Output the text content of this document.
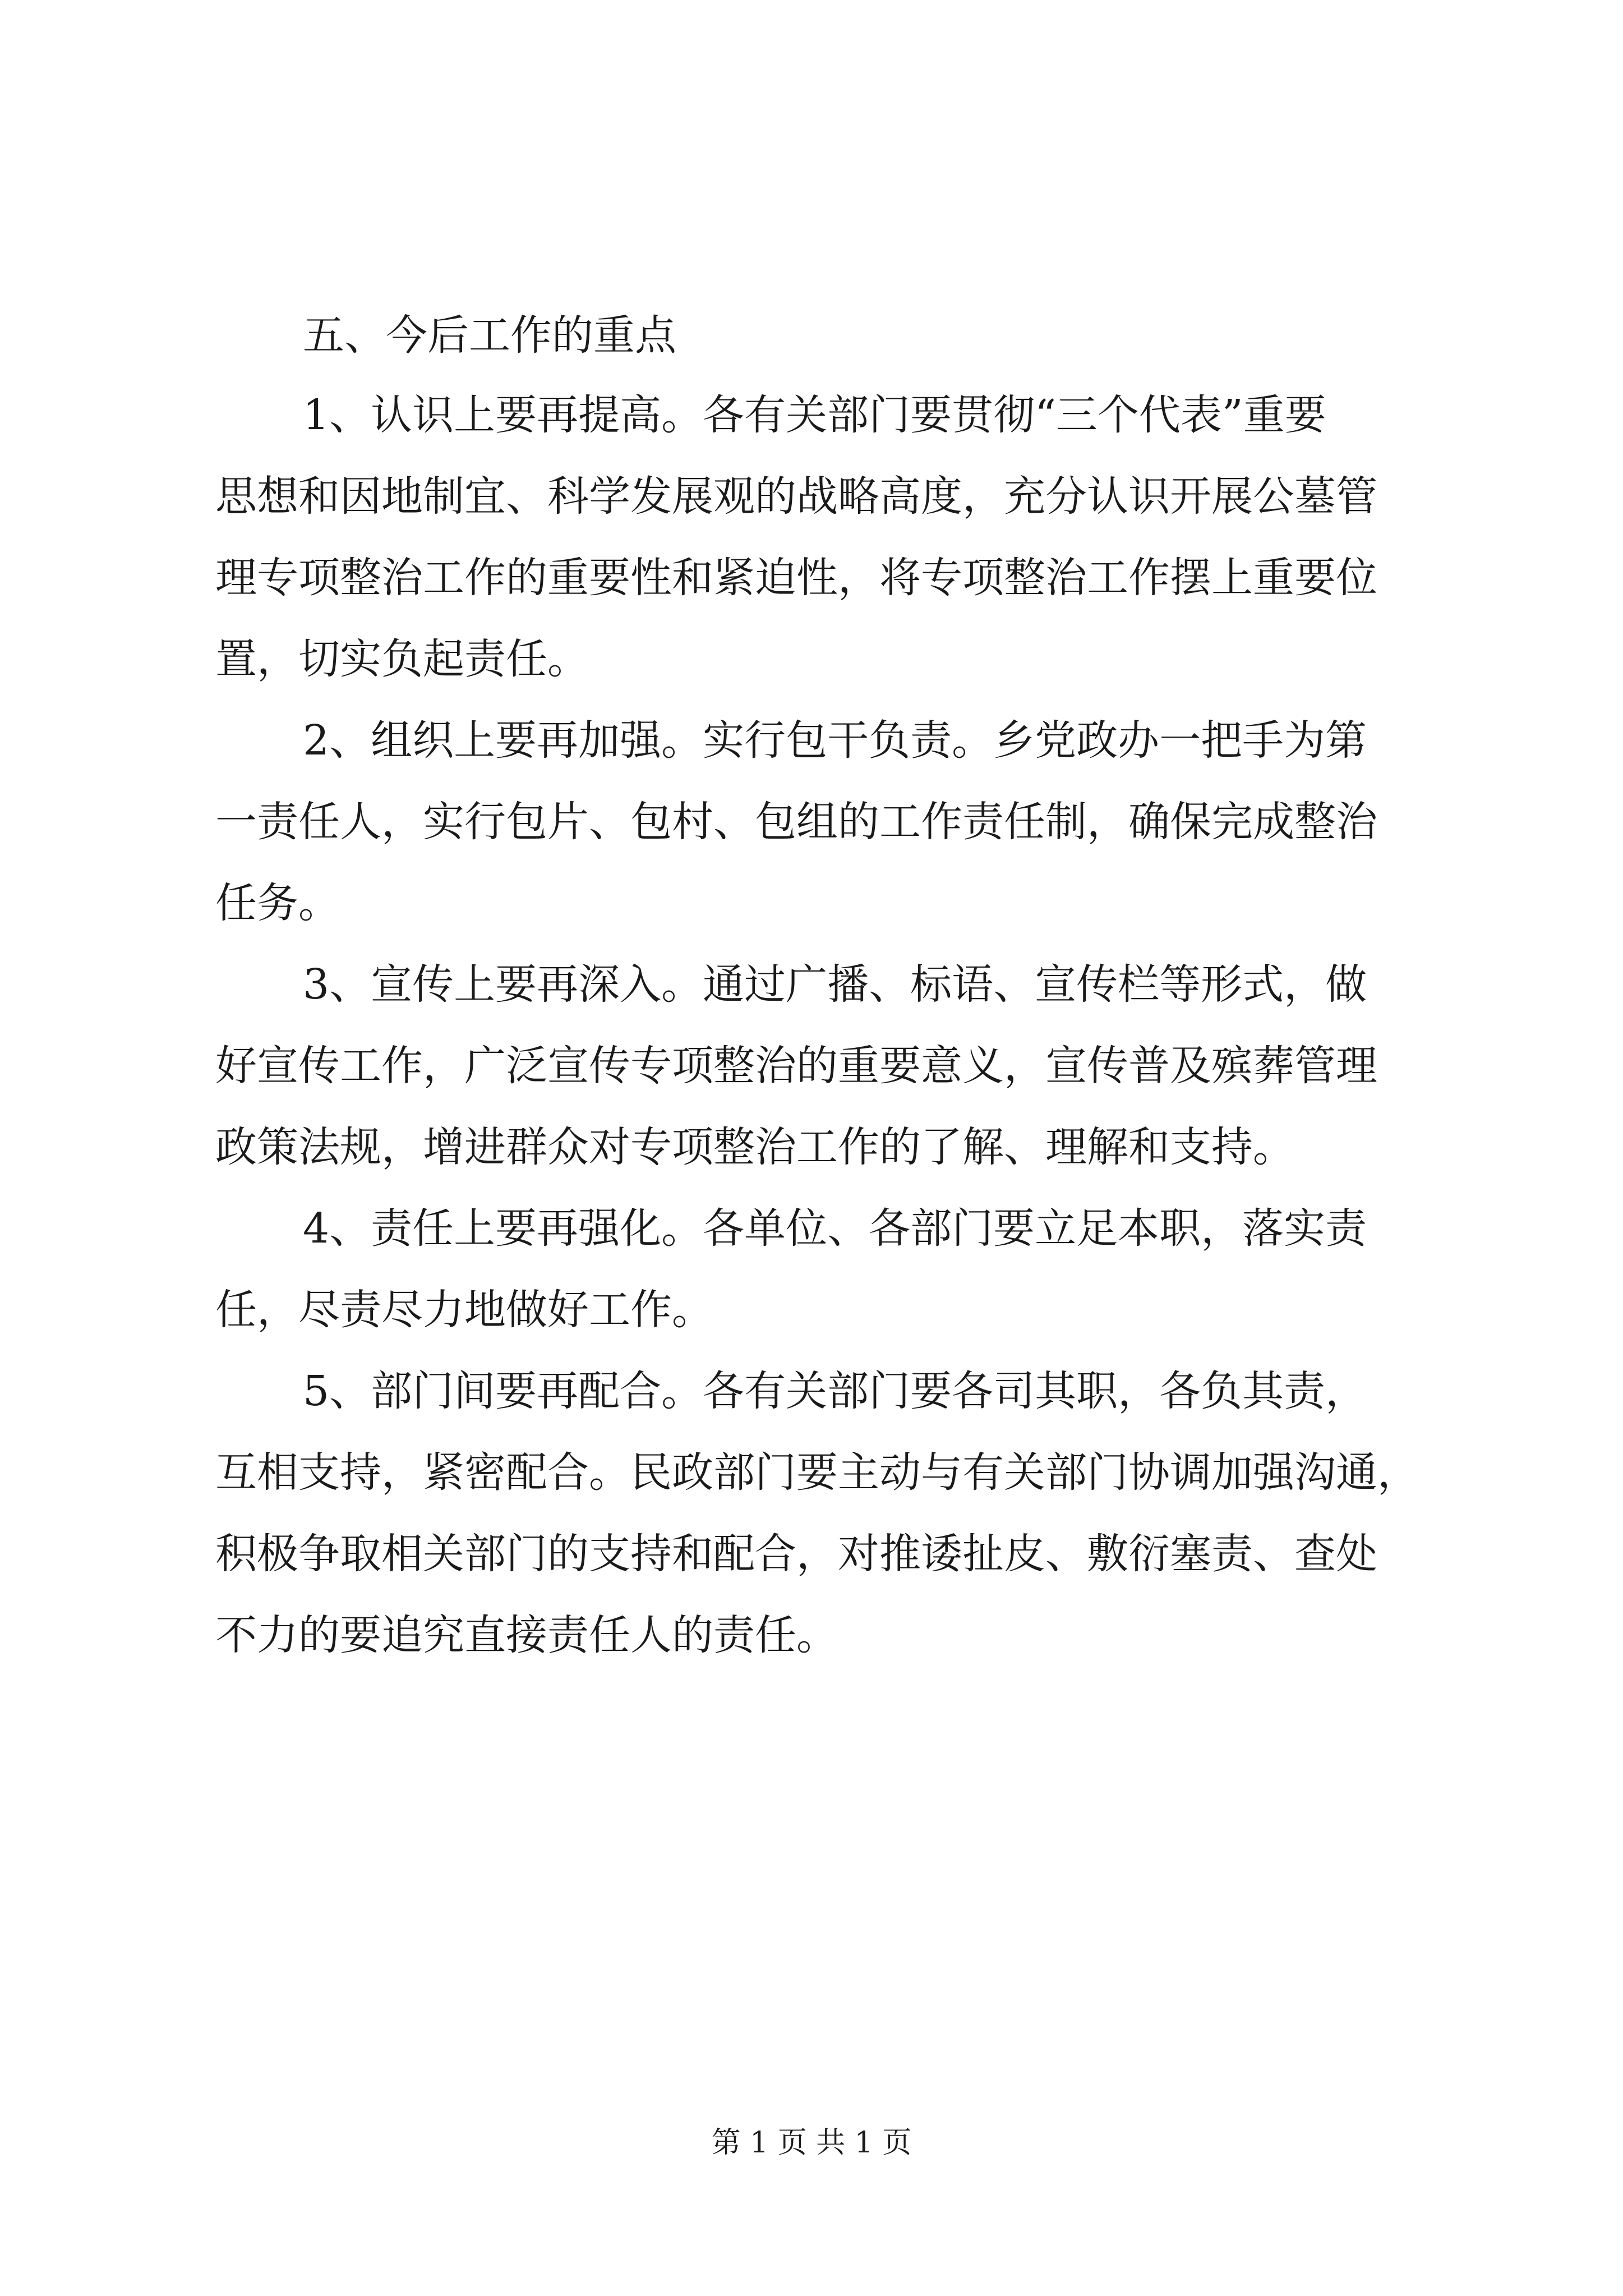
五、今后工作的重点
1、认识上要再提高。各有关部门要贯彻“三个代表”重要
思想和因地制宜、科学发展观的战略高度，充分认识开展公墓管
理专项整治工作的重要性和紧迫性，将专项整治工作摆上重要位
置，切实负起责任。
2、组织上要再加强。实行包干负责。乡党政办一把手为第
一责任人，实行包片、包村、包组的工作责任制，确保完成整治
任务。
3、宣传上要再深入。通过广播、标语、宣传栏等形式，做
好宣传工作，广泛宣传专项整治的重要意义，宣传普及殡葬管理
政策法规，增进群众对专项整治工作的了解、理解和支持。
4、责任上要再强化。各单位、各部门要立足本职，落实责
任，尽责尽力地做好工作。
5、部门间要再配合。各有关部门要各司其职，各负其责，
互相支持，紧密配合。民政部门要主动与有关部门协调加强沟通，
积极争取相关部门的支持和配合，对推诿扯皮、敷衍塞责、查处
不力的要追究直接责任人的责任。
第 1 页 共 1 页
